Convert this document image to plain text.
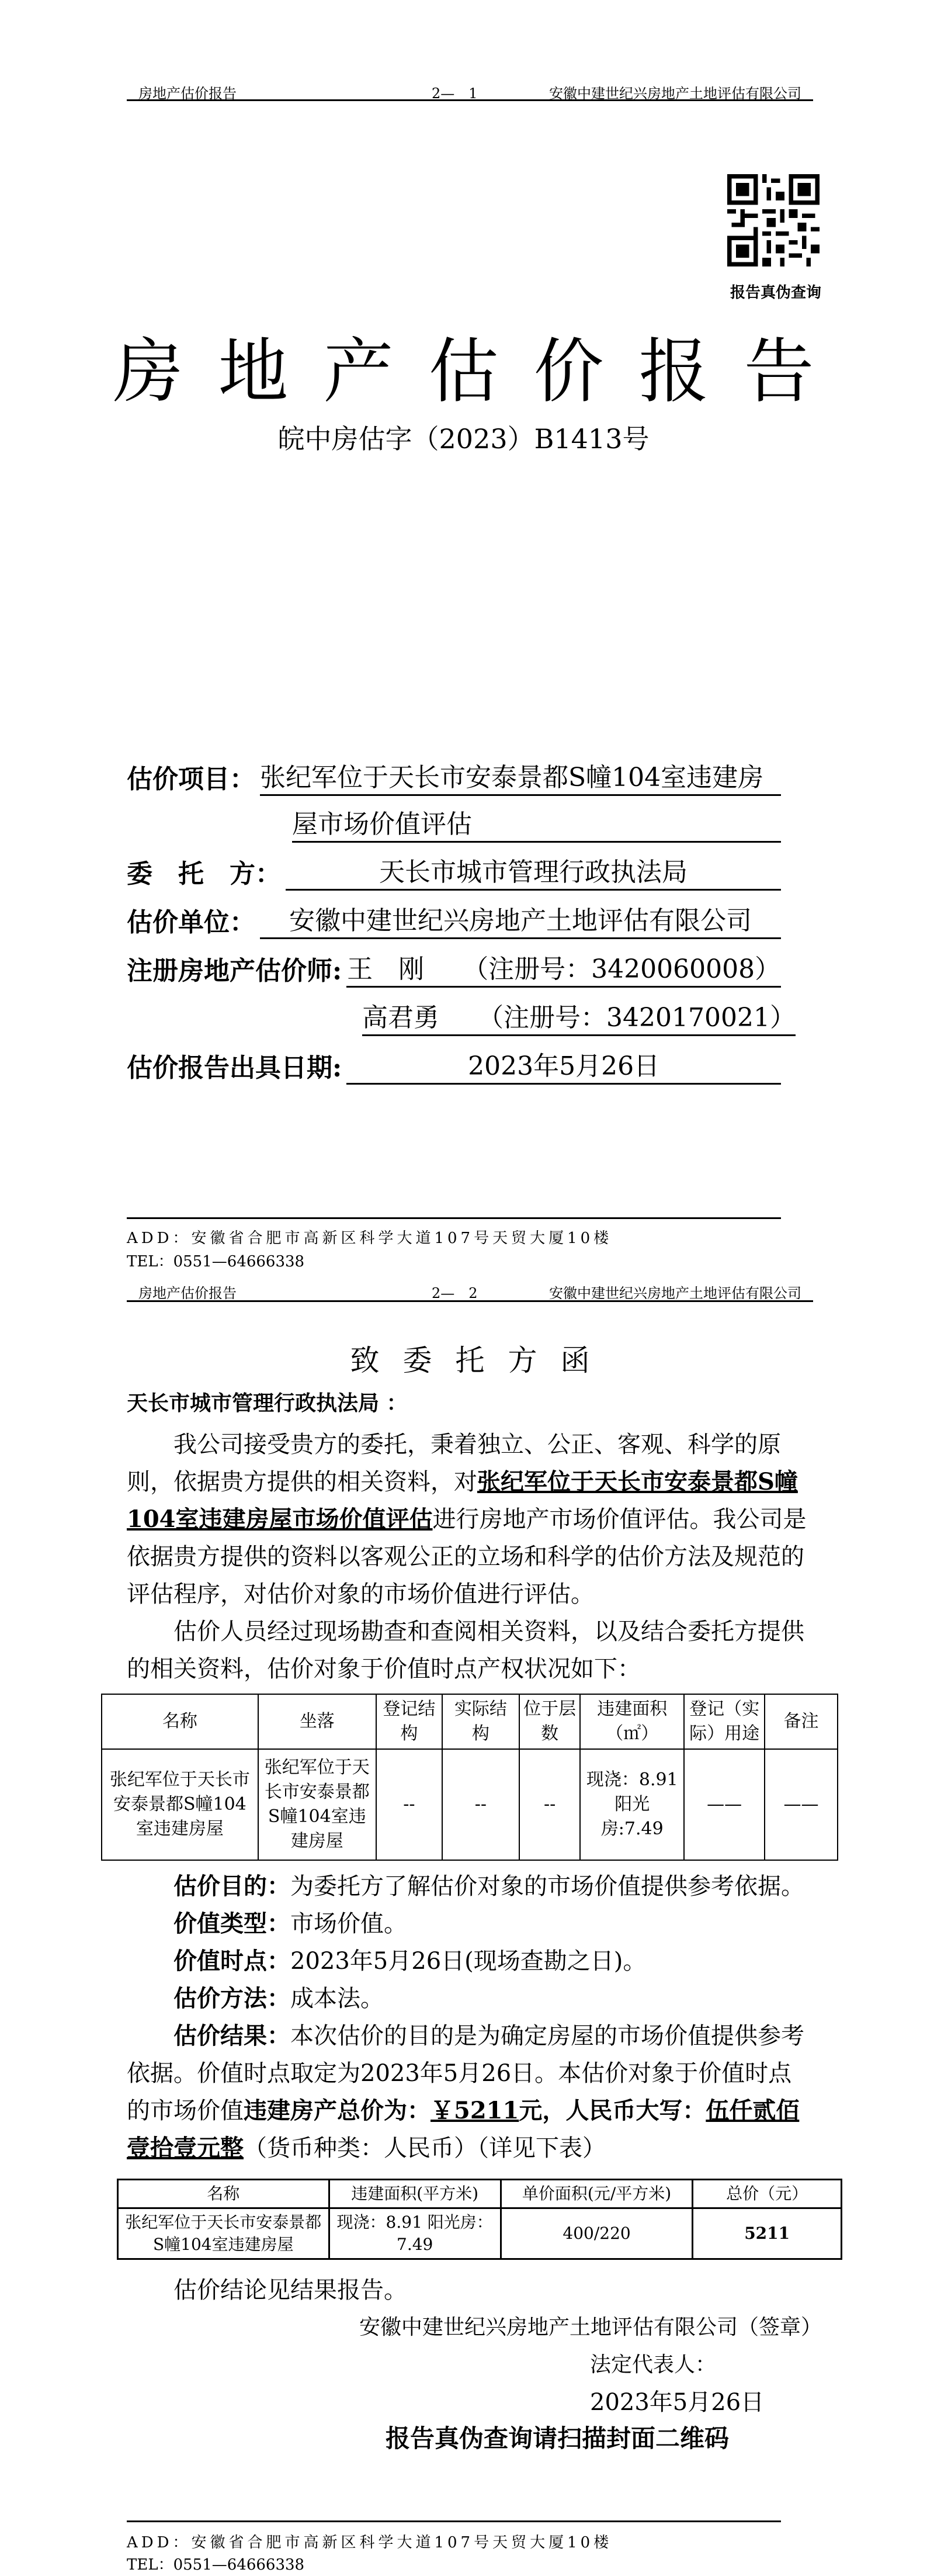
房地产估价报告	2—　1	安徽中建世纪兴房地产土地评估有限公司
报告真伪查询
房地产估价报告
皖中房估字（2023）B1413号
估价项目： 张纪军位于天长市安泰景都S幢104室违建房
屋市场价值评估
委　托　方：	天长市城市管理行政执法局
估价单位：	安徽中建世纪兴房地产土地评估有限公司
注册房地产估价师: 王　刚　　（注册号：3420060008）
高君勇　　（注册号：3420170021）
估价报告出具日期:	2023年5月26日
ADD：安徽省合肥市高新区科学大道107号天贸大厦10楼
TEL：0551—64666338
房地产估价报告	2—　2	安徽中建世纪兴房地产土地评估有限公司
致委托方函
天长市城市管理行政执法局 ：

我公司接受贵方的委托，秉着独立、公正、客观、科学的原则，依据贵方提供的相关资料，对张纪军位于天长市安泰景都S幢104室违建房屋市场价值评估进行房地产市场价值评估。我公司是依据贵方提供的资料以客观公正的立场和科学的估价方法及规范的评估程序，对估价对象的市场价值进行评估。

估价人员经过现场勘查和查阅相关资料，以及结合委托方提供的相关资料，估价对象于价值时点产权状况如下：

名称	坐落	登记结构	实际结构	位于层数	违建面积（㎡）	登记（实际）用途	备注
张纪军位于天长市安泰景都S幢104室违建房屋	张纪军位于天长市安泰景都S幢104室违建房屋	--	--	--	现浇：8.91 阳光房:7.49	——	——

估价目的：为委托方了解估价对象的市场价值提供参考依据。

价值类型：市场价值。

价值时点：2023年5月26日(现场查勘之日)。

估价方法：成本法。

估价结果：本次估价的目的是为确定房屋的市场价值提供参考依据。价值时点取定为2023年5月26日。本估价对象于价值时点的市场价值违建房产总价为：￥5211元，人民币大写：伍仟贰佰壹拾壹元整（货币种类：人民币）（详见下表）

名称	违建面积(平方米)	单价面积(元/平方米)	总价（元）
张纪军位于天长市安泰景都S幢104室违建房屋	现浇：8.91 阳光房：7.49	400/220	5211

估价结论见结果报告。

安徽中建世纪兴房地产土地评估有限公司（签章）
法定代表人：
2023年5月26日
报告真伪查询请扫描封面二维码
ADD：安徽省合肥市高新区科学大道107号天贸大厦10楼
TEL：0551—64666338
